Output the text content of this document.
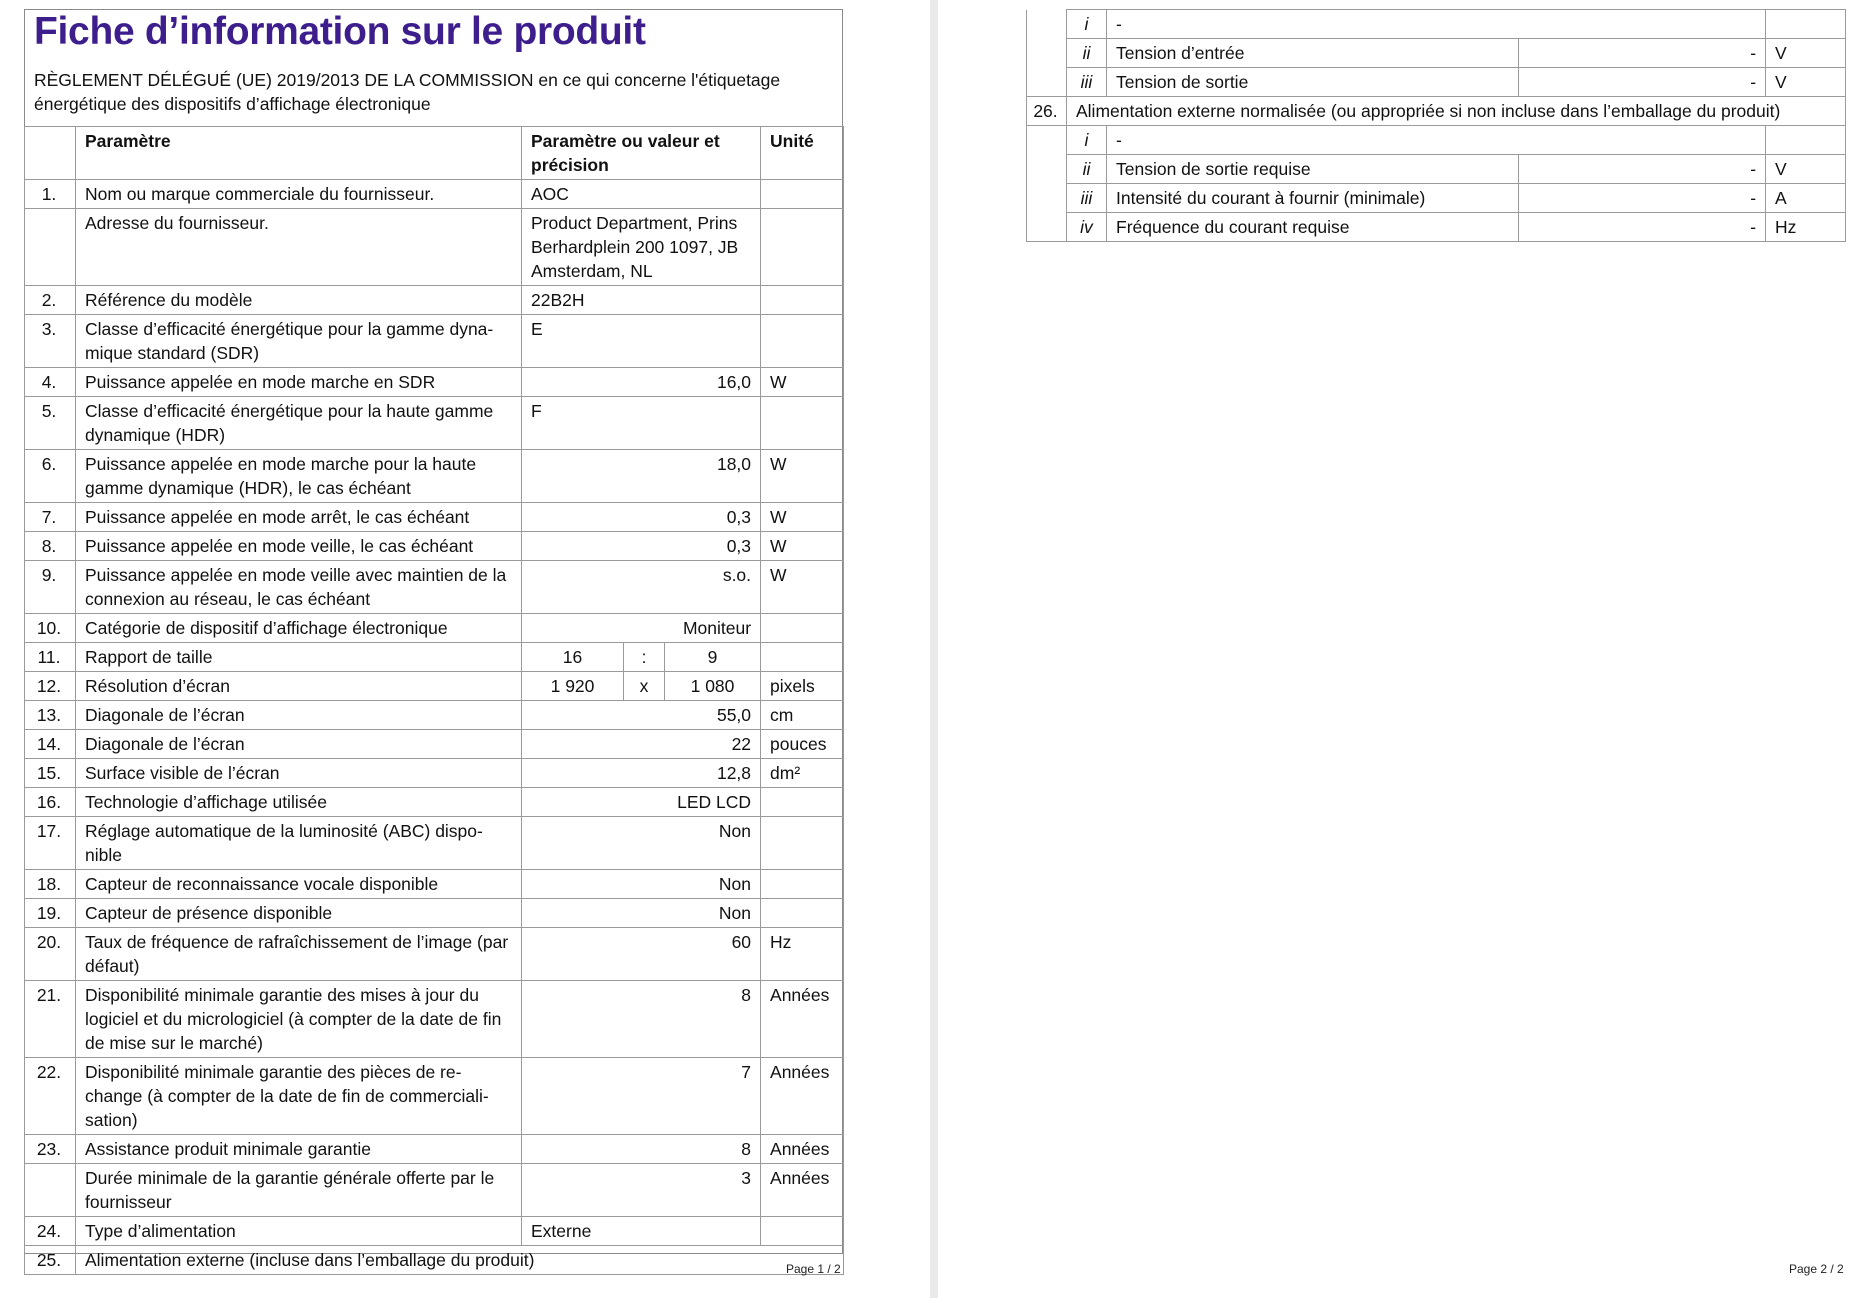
Fiche d’information sur le produit
RÈGLEMENT DÉLÉGUÉ (UE) 2019/2013 DE LA COMMISSION en ce qui concerne l'étiquetage énergétique des dispositifs d’affichage électronique
	Paramètre	Paramètre ou valeur et précision			Unité
1.	Nom ou marque commerciale du fournisseur.	AOC			
	Adresse du fournisseur.	Product Department, Prins Berhardplein 200 1097, JB Amsterdam, NL			
2.	Référence du modèle	22B2H			
3.	Classe d’efficacité énergétique pour la gamme dyna-mique standard (SDR)	E			
4.	Puissance appelée en mode marche en SDR	16,0			W
5.	Classe d’efficacité énergétique pour la haute gamme dynamique (HDR)	F			
6.	Puissance appelée en mode marche pour la haute gamme dynamique (HDR), le cas échéant	18,0			W
7.	Puissance appelée en mode arrêt, le cas échéant	0,3			W
8.	Puissance appelée en mode veille, le cas échéant	0,3			W
9.	Puissance appelée en mode veille avec maintien de la connexion au réseau, le cas échéant	s.o.			W
10.	Catégorie de dispositif d’affichage électronique	Moniteur			
11.	Rapport de taille	16	:	9	
12.	Résolution d’écran	1 920	x	1 080	pixels
13.	Diagonale de l’écran	55,0			cm
14.	Diagonale de l’écran	22			pouces
15.	Surface visible de l’écran	12,8			dm²
16.	Technologie d’affichage utilisée	LED LCD			
17.	Réglage automatique de la luminosité (ABC) dispo-nible	Non			
18.	Capteur de reconnaissance vocale disponible	Non			
19.	Capteur de présence disponible	Non			
20.	Taux de fréquence de rafraîchissement de l’image (par défaut)	60			Hz
21.	Disponibilité minimale garantie des mises à jour du logiciel et du micrologiciel (à compter de la date de fin de mise sur le marché)	8			Années
22.	Disponibilité minimale garantie des pièces de re-change (à compter de la date de fin de commerciali-sation)	7			Années
23.	Assistance produit minimale garantie	8			Années
	Durée minimale de la garantie générale offerte par le fournisseur	3			Années
24.	Type d’alimentation	Externe			
25.	Alimentation externe (incluse dans l’emballage du produit)					Page 1 / 2
	i	-		
	ii	Tension d’entrée	-	V
	iii	Tension de sortie	-	V
26.	Alimentation externe normalisée (ou appropriée si non incluse dans l’emballage du produit)			
	i	-		
	ii	Tension de sortie requise	-	V
	iii	Intensité du courant à fournir (minimale)	-	A
	iv	Fréquence du courant requise	-	Hz
Page 2 / 2
